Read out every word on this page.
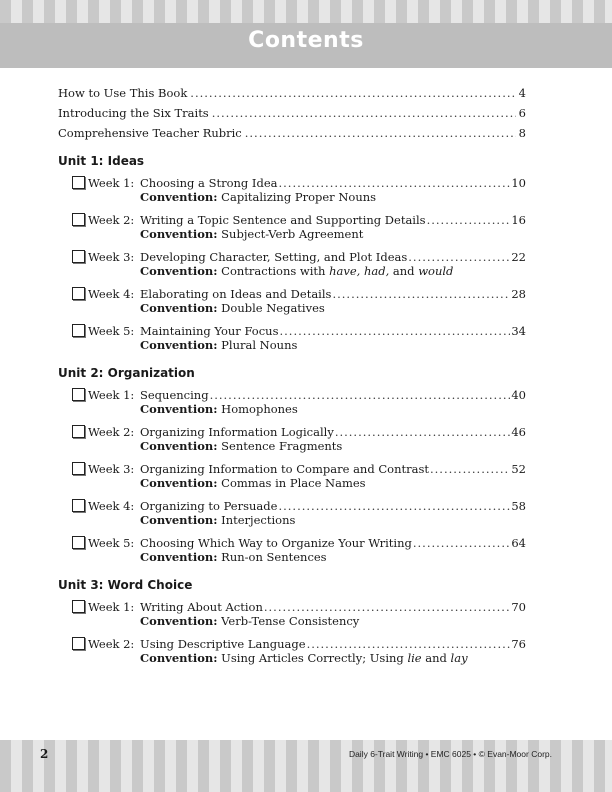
Contents
How to Use This Book .....	4
Introducing the Six Traits .....	6
Comprehensive Teacher Rubric .....	8
Unit 1: Ideas
Week 1: Choosing a Strong Idea .....	10
Convention: Capitalizing Proper Nouns
Week 2: Writing a Topic Sentence and Supporting Details .....	16
Convention: Subject-Verb Agreement
Week 3: Developing Character, Setting, and Plot Ideas .....	22
Convention: Contractions with have, had, and would
Week 4: Elaborating on Ideas and Details .....	28
Convention: Double Negatives
Week 5: Maintaining Your Focus .....	34
Convention: Plural Nouns
Unit 2: Organization
Week 1: Sequencing .....	40
Convention: Homophones
Week 2: Organizing Information Logically .....	46
Convention: Sentence Fragments
Week 3: Organizing Information to Compare and Contrast .....	52
Convention: Commas in Place Names
Week 4: Organizing to Persuade .....	58
Convention: Interjections
Week 5: Choosing Which Way to Organize Your Writing .....	64
Convention: Run-on Sentences
Unit 3: Word Choice
Week 1: Writing About Action .....	70
Convention: Verb-Tense Consistency
Week 2: Using Descriptive Language .....	76
Convention: Using Articles Correctly; Using lie and lay
2	Daily 6-Trait Writing • EMC 6025 • © Evan-Moor Corp.
